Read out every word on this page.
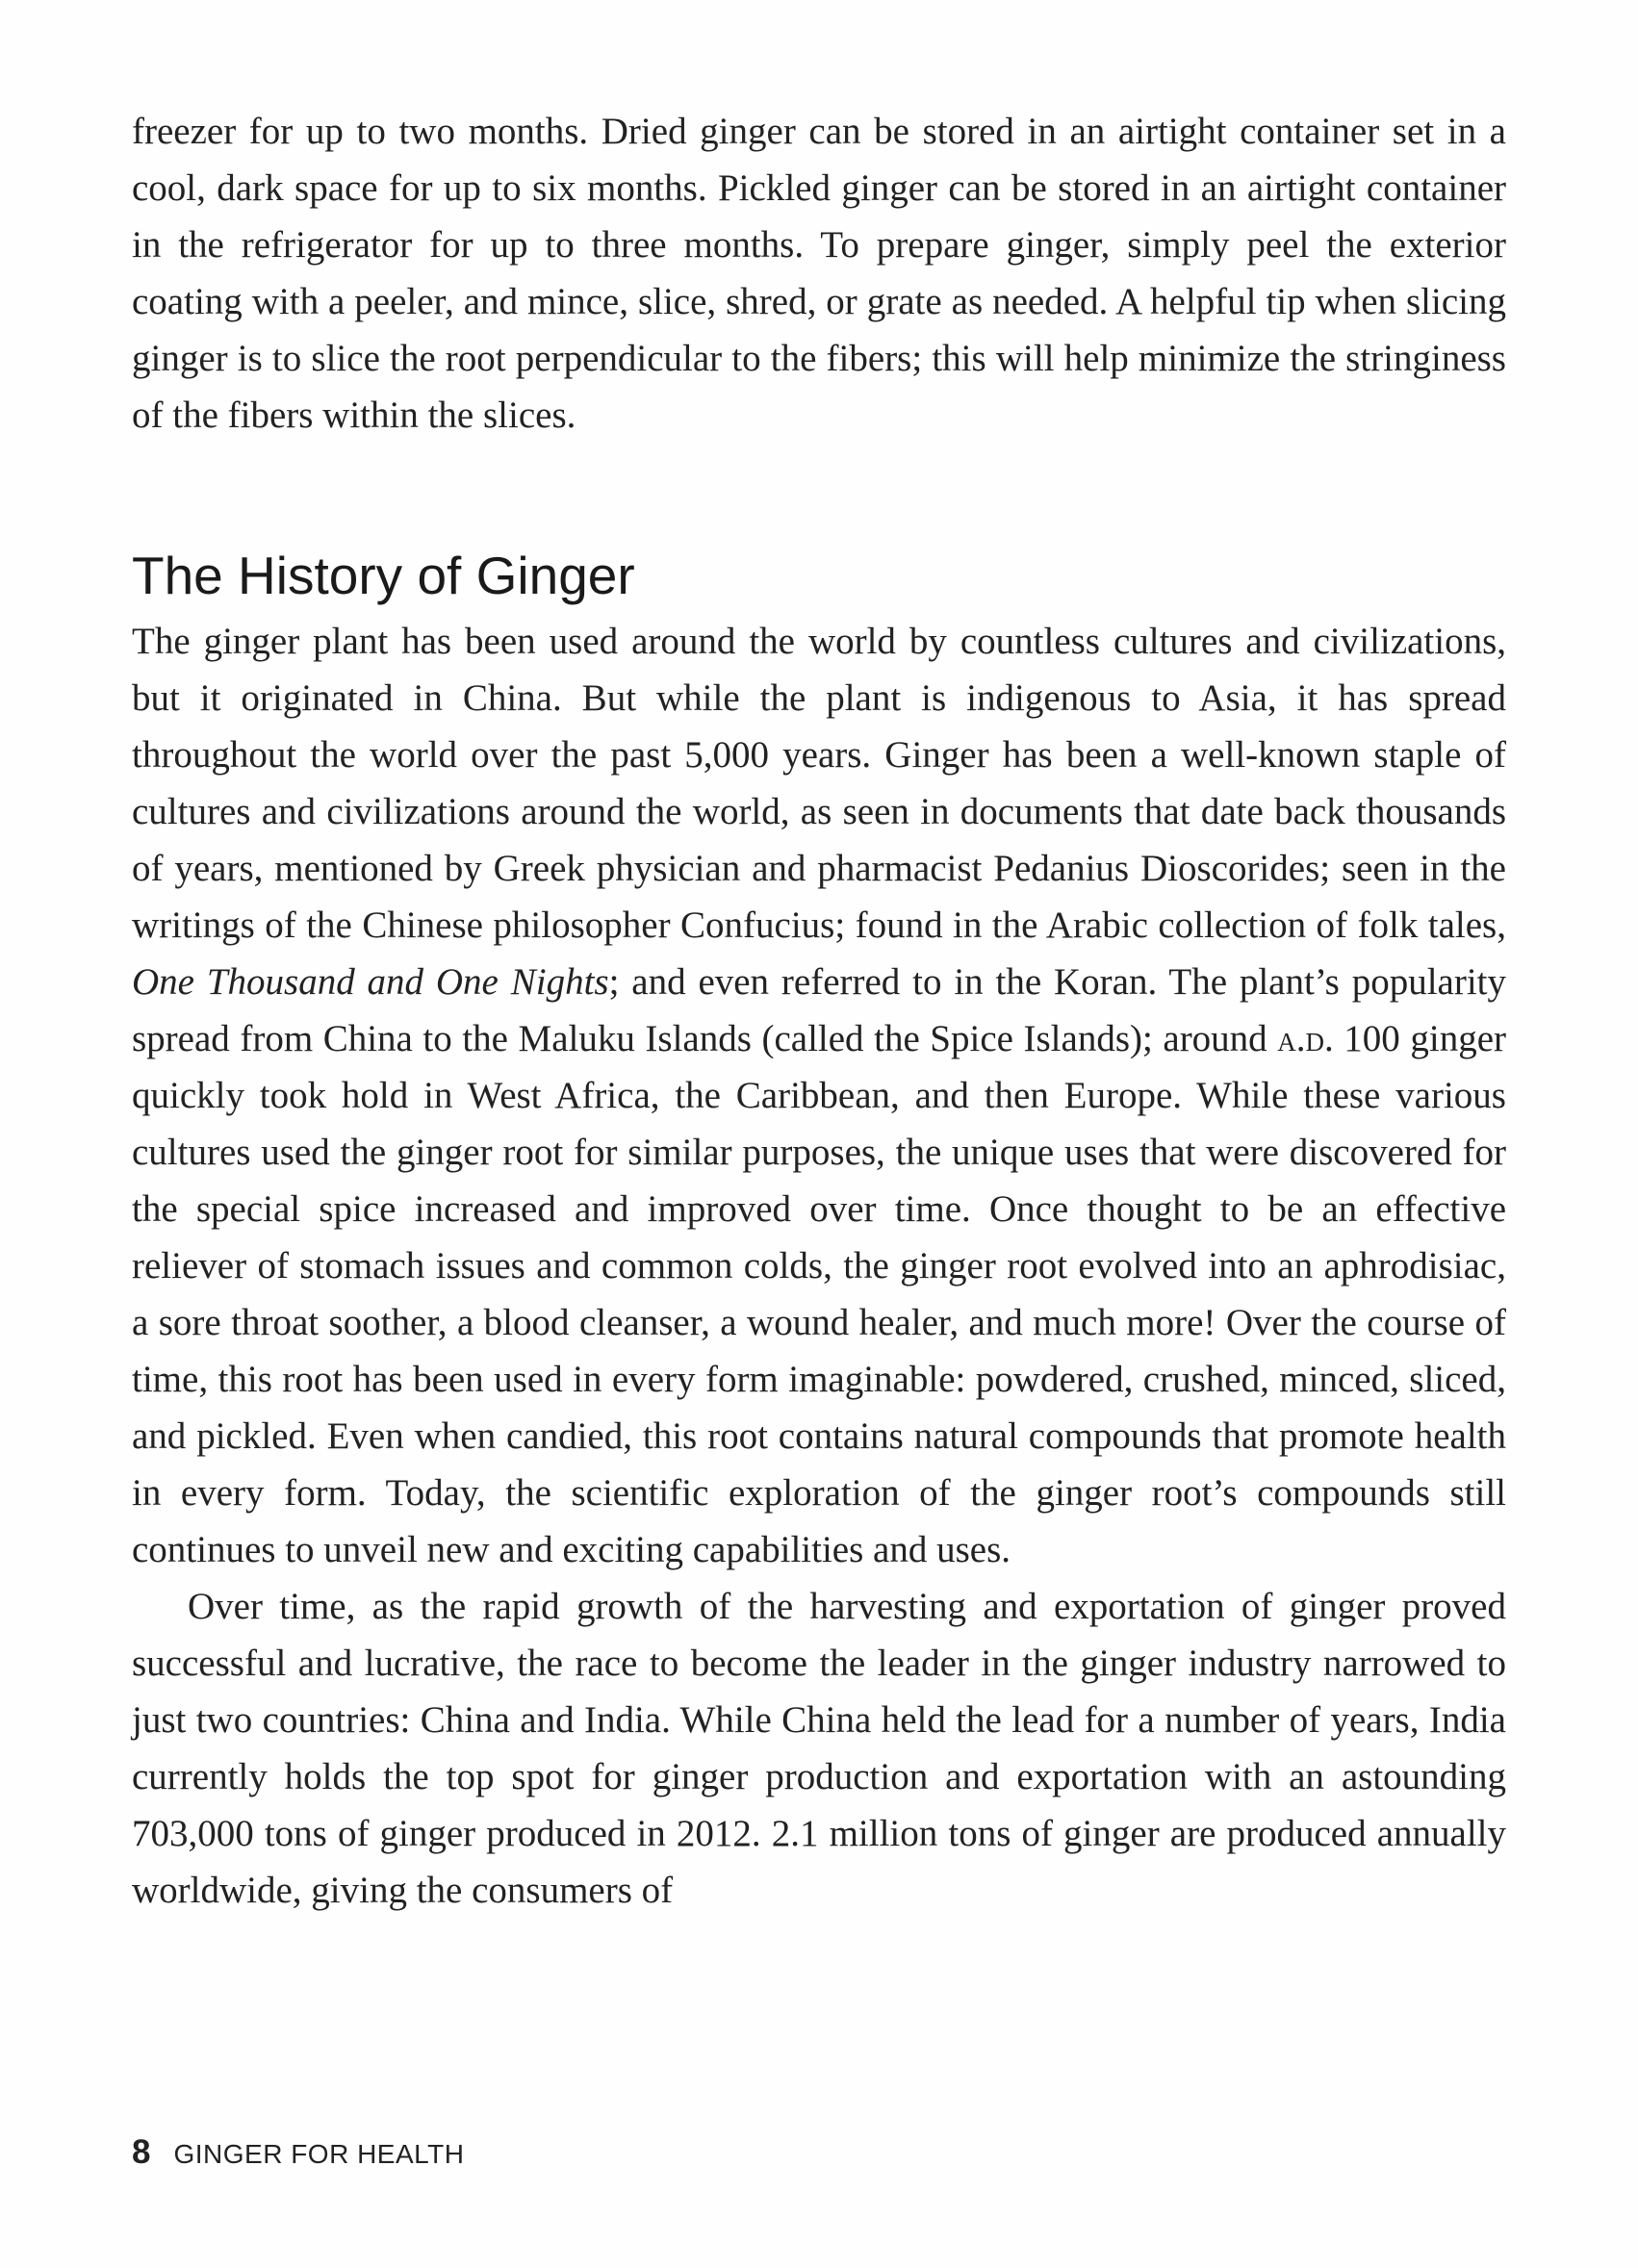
freezer for up to two months. Dried ginger can be stored in an airtight container set in a cool, dark space for up to six months. Pickled ginger can be stored in an airtight container in the refrigerator for up to three months. To prepare ginger, simply peel the exterior coating with a peeler, and mince, slice, shred, or grate as needed. A helpful tip when slicing ginger is to slice the root perpendicular to the fibers; this will help minimize the stringiness of the fibers within the slices.

The History of Ginger

The ginger plant has been used around the world by countless cultures and civilizations, but it originated in China. But while the plant is indigenous to Asia, it has spread throughout the world over the past 5,000 years. Ginger has been a well-known staple of cultures and civilizations around the world, as seen in documents that date back thousands of years, mentioned by Greek physician and pharmacist Pedanius Dioscorides; seen in the writings of the Chinese philosopher Confucius; found in the Arabic collection of folk tales, One Thousand and One Nights; and even referred to in the Koran. The plant’s popularity spread from China to the Maluku Islands (called the Spice Islands); around a.d. 100 ginger quickly took hold in West Africa, the Caribbean, and then Europe. While these various cultures used the ginger root for similar purposes, the unique uses that were discovered for the special spice increased and improved over time. Once thought to be an effective reliever of stomach issues and common colds, the ginger root evolved into an aphrodisiac, a sore throat soother, a blood cleanser, a wound healer, and much more! Over the course of time, this root has been used in every form imaginable: powdered, crushed, minced, sliced, and pickled. Even when candied, this root contains natural compounds that promote health in every form. Today, the scientific exploration of the ginger root’s compounds still continues to unveil new and exciting capabilities and uses.

Over time, as the rapid growth of the harvesting and exportation of ginger proved successful and lucrative, the race to become the leader in the ginger industry narrowed to just two countries: China and India. While China held the lead for a number of years, India currently holds the top spot for ginger production and exportation with an astounding 703,000 tons of ginger produced in 2012. 2.1 million tons of ginger are produced annually worldwide, giving the consumers of

8 GINGER FOR HEALTH
